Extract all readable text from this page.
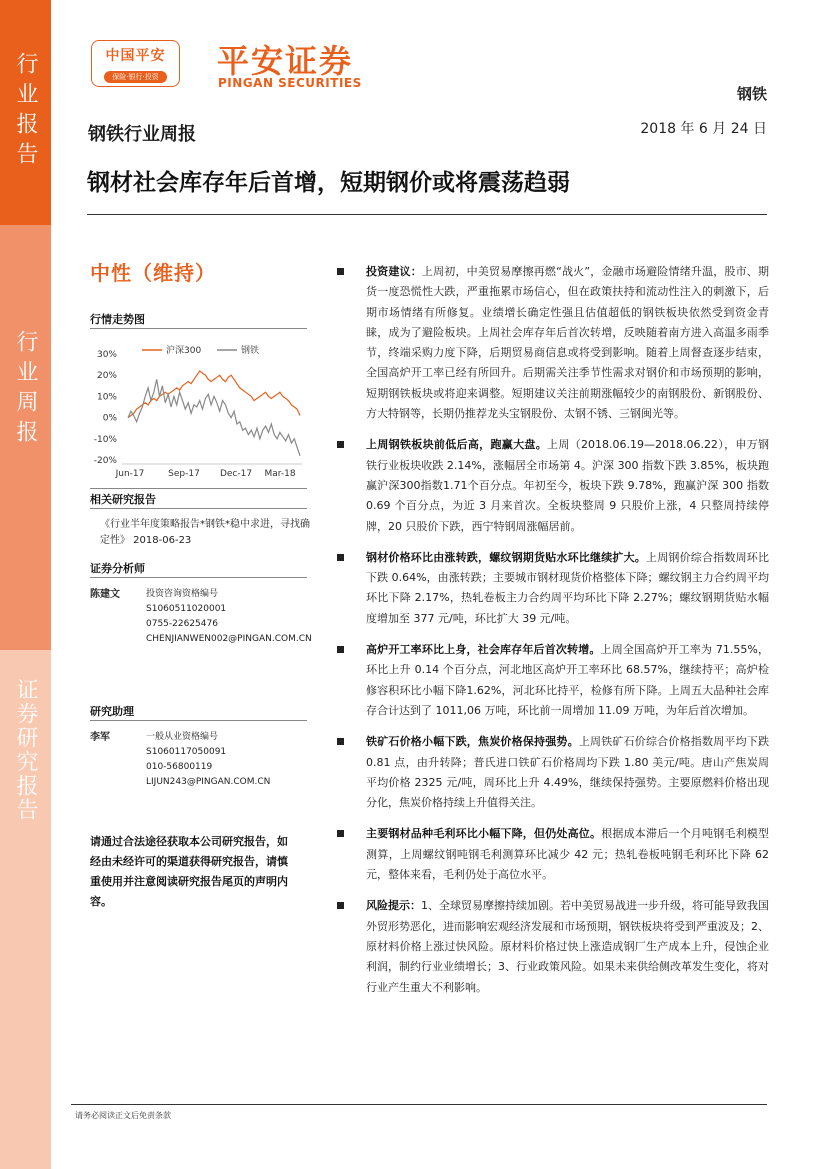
行业报告
行业周报
证券研究报告
中国平安
保险·银行·投资 平安证券
PINGAN SECURITIES
钢铁
钢铁行业周报	2018 年 6 月 24 日
钢材社会库存年后首增，短期钢价或将震荡趋弱
中性（维持）
行情走势图
30%
20%
10%
0%
-10%
-20%
Jun-17	Sep-17 Dec-17 Mar-18
沪深300	钢铁
相关研究报告
《行业半年度策略报告*钢铁*稳中求进，寻找确定性》 2018-06-23
证券分析师
陈建文	投资咨询资格编号
S1060511020001
0755-22625476
CHENJIANWEN002@PINGAN.COM.CN
研究助理
李军	一般从业资格编号
S1060117050091
010-56800119
LIJUN243@PINGAN.COM.CN
请通过合法途径获取本公司研究报告，如经由未经许可的渠道获得研究报告，请慎重使用并注意阅读研究报告尾页的声明内容。
投资建议：上周初，中美贸易摩擦再燃“战火”，金融市场避险情绪升温，股市、期货一度恐慌性大跌，严重拖累市场信心，但在政策扶持和流动性注入的刺激下，后期市场情绪有所修复。业绩增长确定性强且估值超低的钢铁板块依然受到资金青睐，成为了避险板块。上周社会库存年后首次转增，反映随着南方进入高温多雨季节，终端采购力度下降，后期贸易商信息或将受到影响。随着上周督查逐步结束，全国高炉开工率已经有所回升。后期需关注季节性需求对钢价和市场预期的影响，短期钢铁板块或将迎来调整。短期建议关注前期涨幅较少的南钢股份、新钢股份、方大特钢等，长期仍推荐龙头宝钢股份、太钢不锈、三钢闽光等。
上周钢铁板块前低后高，跑赢大盘。上周（2018.06.19—2018.06.22），申万钢铁行业板块收跌 2.14%，涨幅居全市场第 4。沪深 300 指数下跌 3.85%，板块跑赢沪深300指数1.71个百分点。年初至今，板块下跌 9.78%，跑赢沪深 300 指数 0.69 个百分点，为近 3 月来首次。全板块整周 9 只股价上涨，4 只整周持续停牌，20 只股价下跌，西宁特钢周涨幅居前。
钢材价格环比由涨转跌，螺纹钢期货贴水环比继续扩大。上周钢价综合指数周环比下跌 0.64%，由涨转跌；主要城市钢材现货价格整体下降；螺纹钢主力合约周平均环比下降 2.17%，热轧卷板主力合约周平均环比下降 2.27%；螺纹钢期货贴水幅度增加至 377 元/吨，环比扩大 39 元/吨。
高炉开工率环比上身，社会库存年后首次转增。上周全国高炉开工率为 71.55%，环比上升 0.14 个百分点，河北地区高炉开工率环比 68.57%，继续持平；高炉检修容积环比小幅下降1.62%，河北环比持平，检修有所下降。上周五大品种社会库存合计达到了 1011,06 万吨，环比前一周增加 11.09 万吨，为年后首次增加。
铁矿石价格小幅下跌，焦炭价格保持强势。上周铁矿石价综合价格指数周平均下跌 0.81 点，由升转降；普氏进口铁矿石价格周均下跌 1.80 美元/吨。唐山产焦炭周平均价格 2325 元/吨，周环比上升 4.49%，继续保持强势。主要原燃料价格出现分化，焦炭价格持续上升值得关注。
主要钢材品种毛利环比小幅下降，但仍处高位。根据成本滞后一个月吨钢毛利模型测算，上周螺纹钢吨钢毛利测算环比减少 42 元；热轧卷板吨钢毛利环比下降 62 元，整体来看，毛利仍处于高位水平。
风险提示：1、全球贸易摩擦持续加剧。若中美贸易战进一步升级，将可能导致我国外贸形势恶化，进而影响宏观经济发展和市场预期，钢铁板块将受到严重波及；2、原材料价格上涨过快风险。原材料价格过快上涨造成钢厂生产成本上升，侵蚀企业利润，制约行业业绩增长；3、行业政策风险。如果未来供给侧改革发生变化，将对行业产生重大不利影响。
请务必阅读正文后免责条款
